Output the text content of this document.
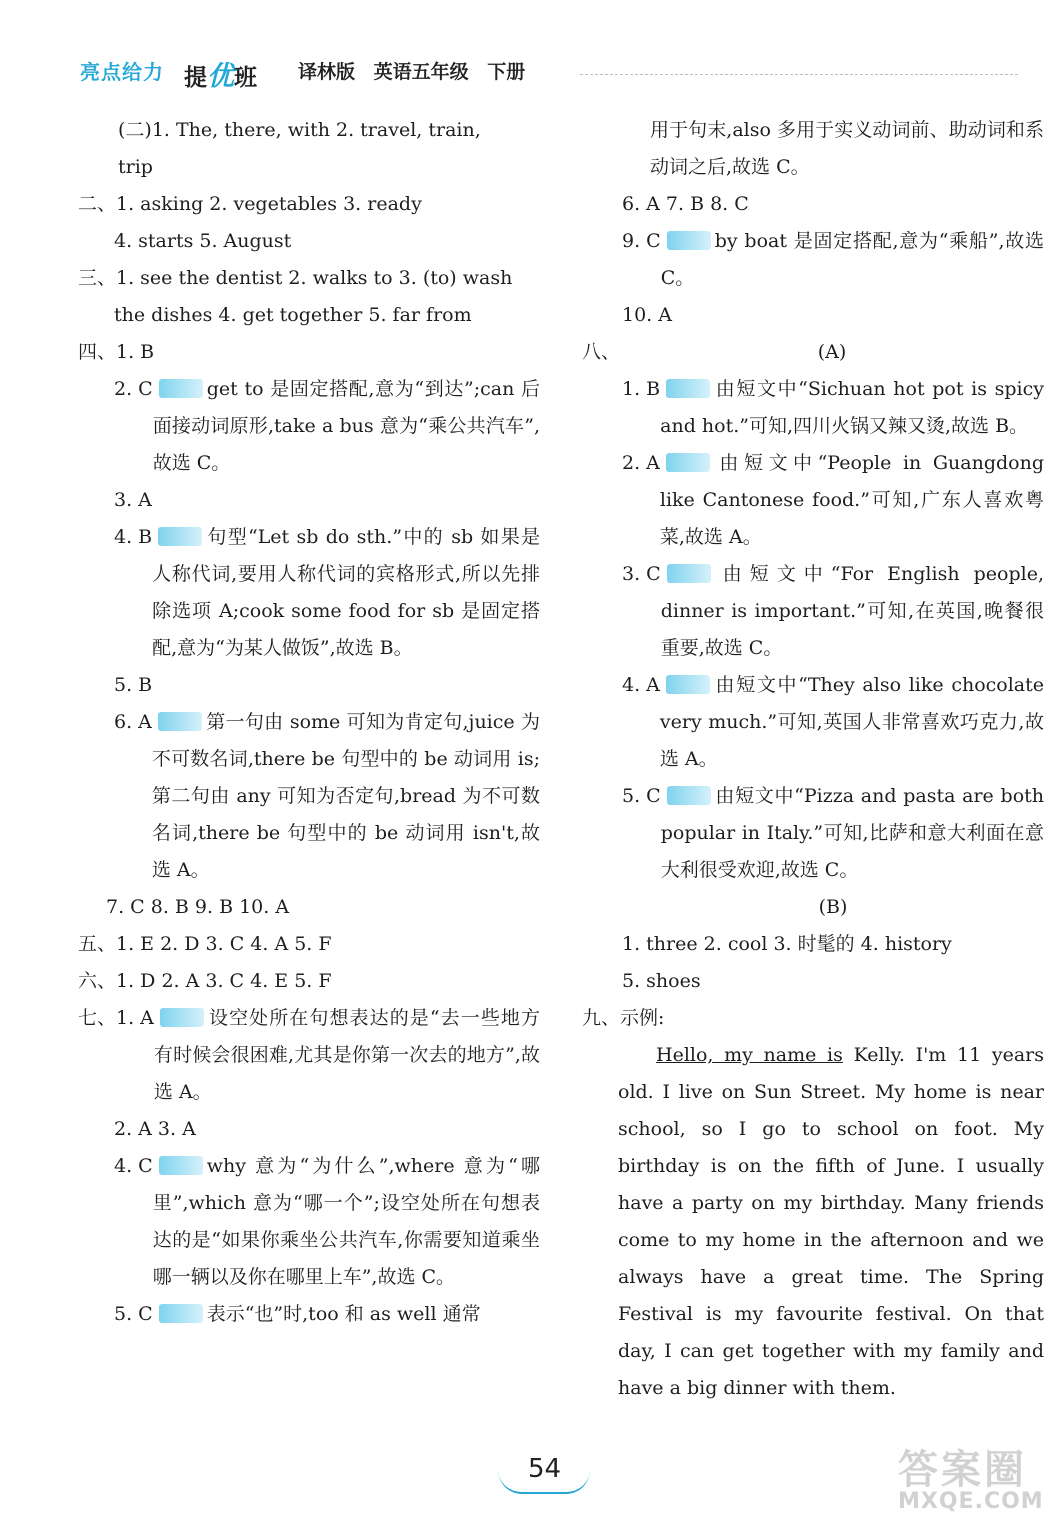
亮点给力 提优班 译林版 英语五年级 下册
(二) 1. The, there, with 2. travel, train,
trip
二、 1. asking 2. vegetables 3. ready
4. starts 5. August
三、 1. see the dentist 2. walks to 3. (to) wash
the dishes 4. get together 5. far from
四、 1. B
2. C	get to 是固定搭配,意为“到达”;can 后面接动词原形,take a bus 意为“乘公共汽车”,故选 C。
3. A
4. B	句型“Let sb do sth.”中的 sb 如果是人称代词,要用人称代词的宾格形式,所以先排除选项 A;cook some food for sb 是固定搭配,意为“为某人做饭”,故选 B。
5. B
6. A	第一句由 some 可知为肯定句,juice 为不可数名词,there be 句型中的 be 动词用 is;第二句由 any 可知为否定句,bread 为不可数名词,there be 句型中的 be 动词用 isn't,故选 A。
7. C 8. B 9. B 10. A
五、 1. E 2. D 3. C 4. A 5. F
六、 1. D 2. A 3. C 4. E 5. F
七、 1. A	设空处所在句想表达的是“去一些地方有时候会很困难,尤其是你第一次去的地方”,故选 A。
2. A 3. A
4. C	why 意为“为什么”,where 意为“哪里”,which 意为“哪一个”;设空处所在句想表达的是“如果你乘坐公共汽车,你需要知道乘坐哪一辆以及你在哪里上车”,故选 C。
5. C	表示“也”时,too 和 as well 通常
用于句末,also 多用于实义动词前、助动词和系动词之后,故选 C。
6. A 7. B 8. C
9. C	by boat 是固定搭配,意为“乘船”,故选 C。
10. A
八、	(A)
1. B	由短文中“Sichuan hot pot is spicy and hot.”可知,四川火锅又辣又烫,故选 B。
2. A	由短文中“People in Guangdong like Cantonese food.”可知,广东人喜欢粤菜,故选 A。
3. C	由短文中“For English people, dinner is important.”可知,在英国,晚餐很重要,故选 C。
4. A	由短文中“They also like chocolate very much.”可知,英国人非常喜欢巧克力,故选 A。
5. C	由短文中“Pizza and pasta are both popular in Italy.”可知,比萨和意大利面在意大利很受欢迎,故选 C。
(B)
1. three 2. cool 3. 时髦的 4. history
5. shoes
九、示例:
Hello, my name is Kelly. I'm 11 years old. I live on Sun Street. My home is near school, so I go to school on foot. My birthday is on the fifth of June. I usually have a party on my birthday. Many friends come to my home in the afternoon and we always have a great time. The Spring Festival is my favourite festival. On that day, I can get together with my family and have a big dinner with them.
54	答案圈
MXQE.COM
